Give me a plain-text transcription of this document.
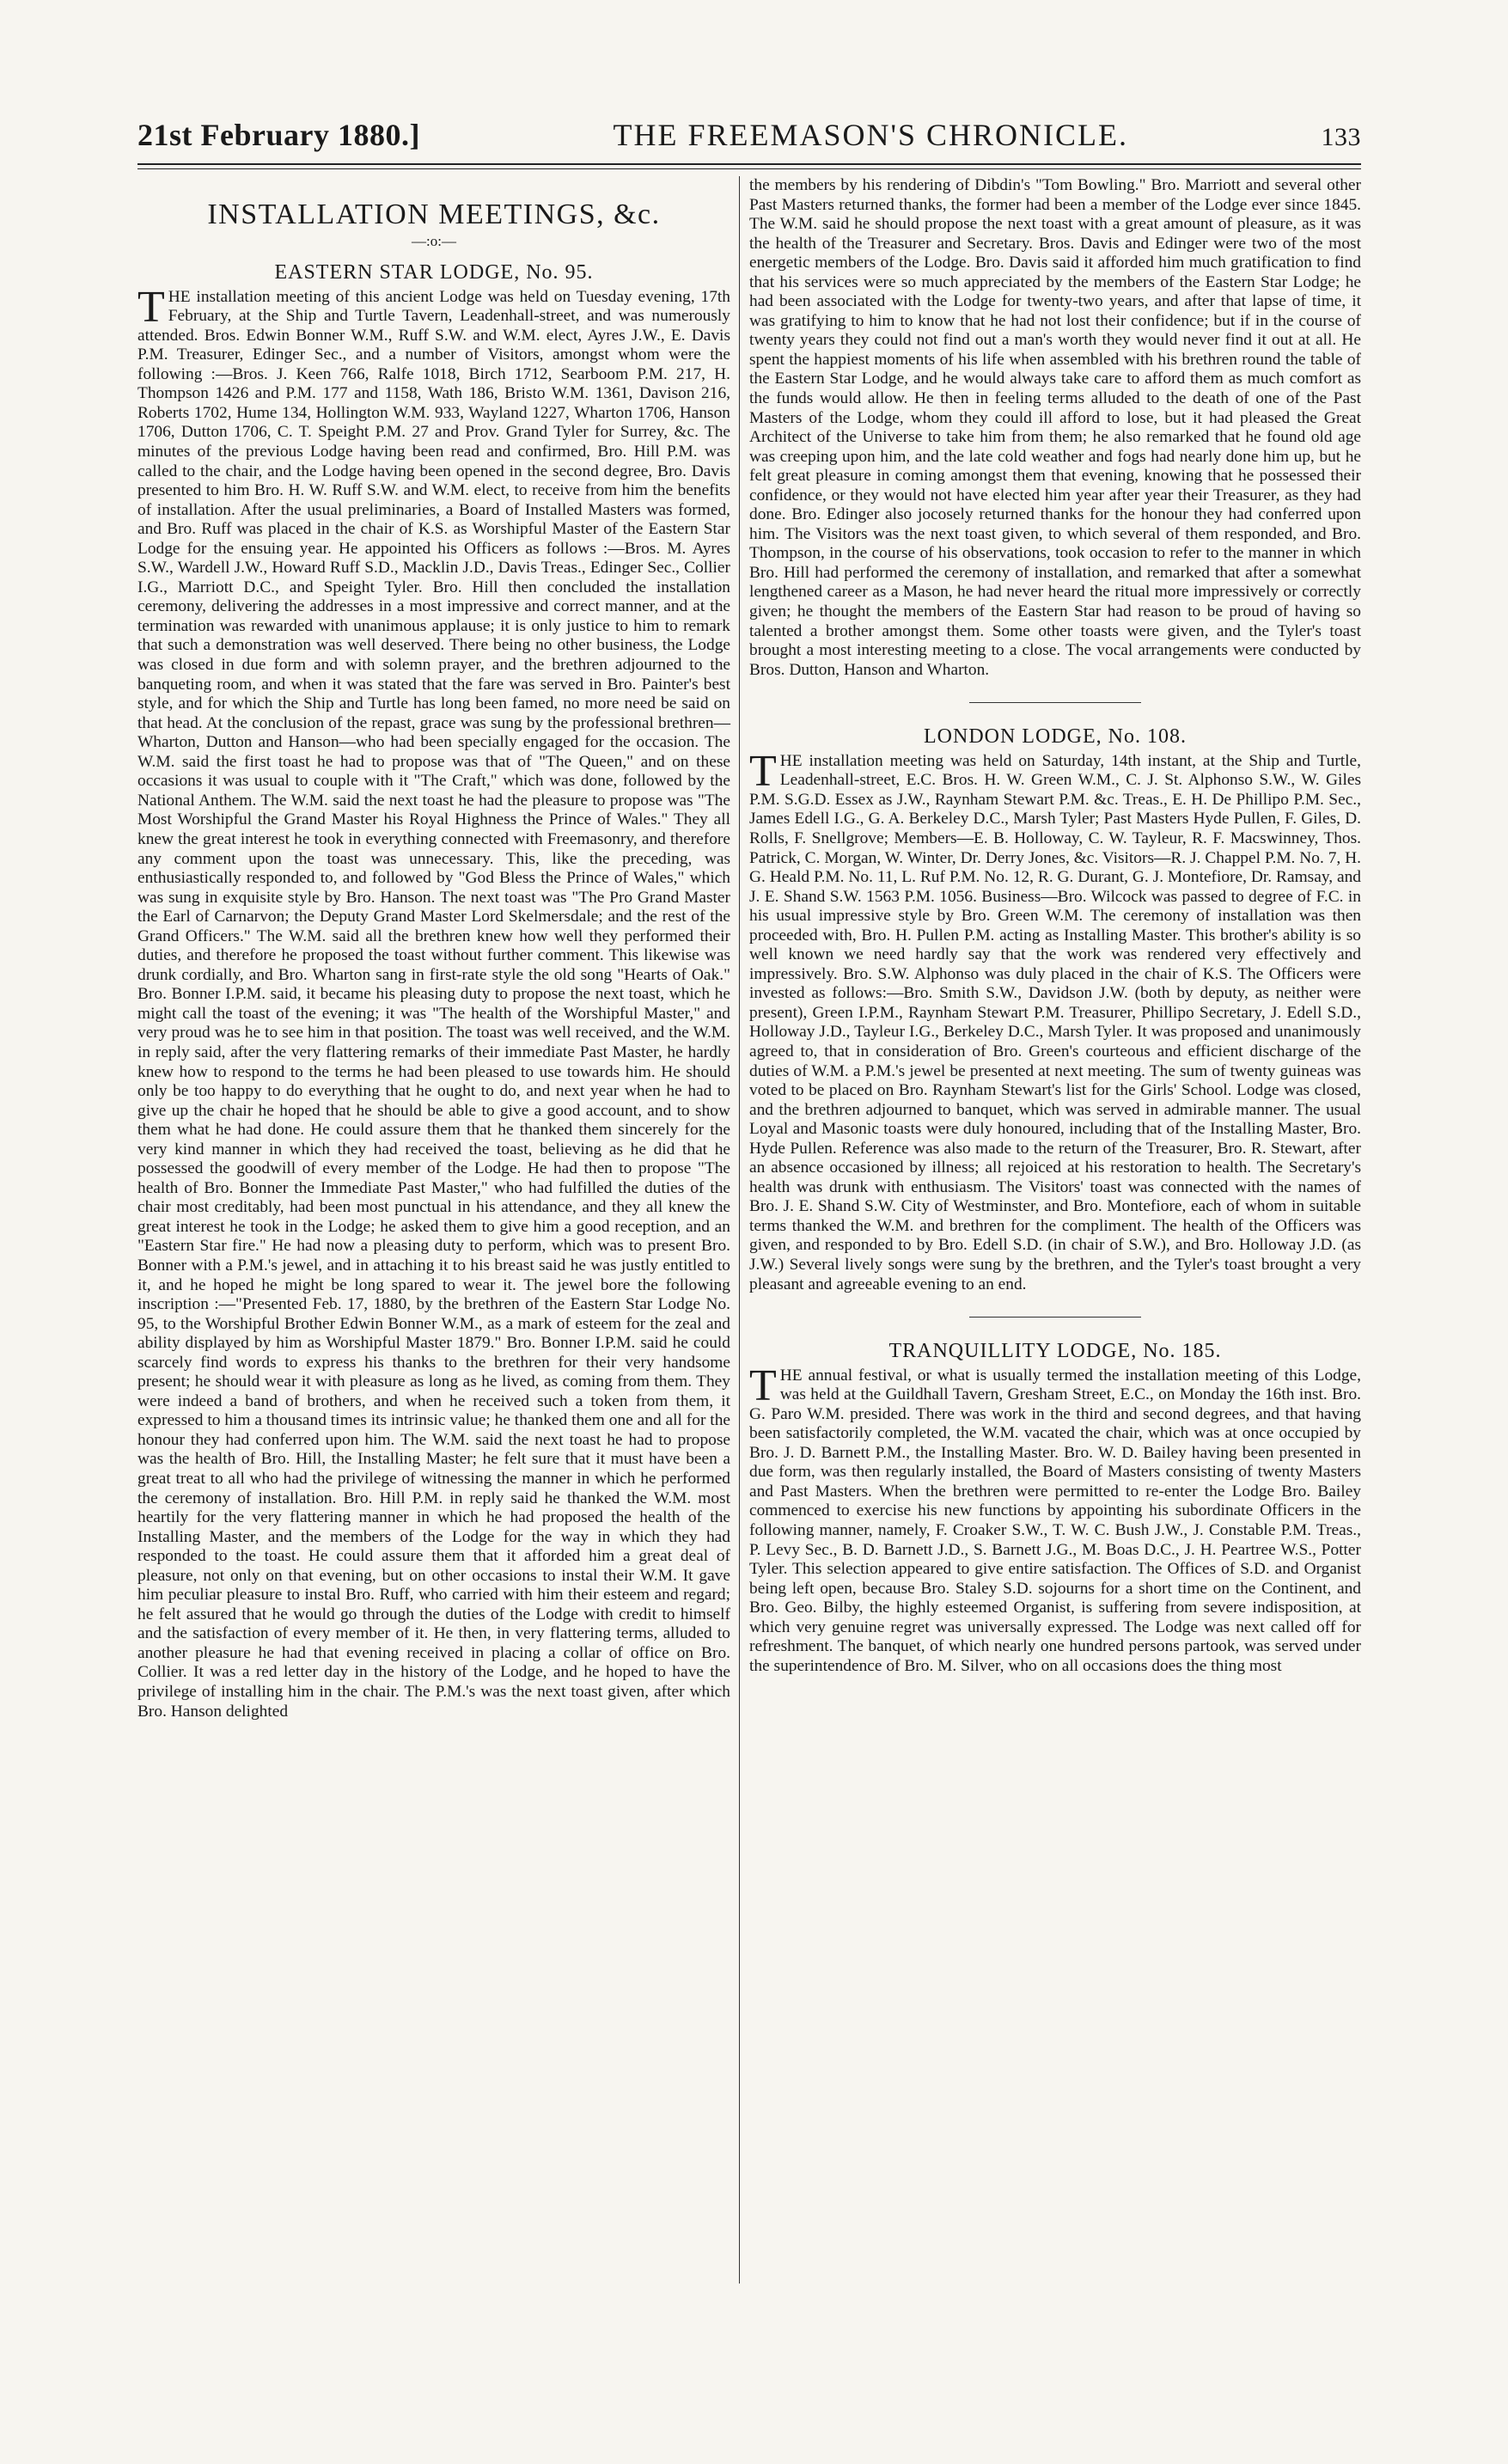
21st February 1880.]	THE FREEMASON'S CHRONICLE.	133
INSTALLATION MEETINGS, &c.
—:o:—
EASTERN STAR LODGE, No. 95.

THE installation meeting of this ancient Lodge was held on Tuesday evening, 17th February, at the Ship and Turtle Tavern, Leadenhall-street, and was numerously attended. Bros. Edwin Bonner W.M., Ruff S.W. and W.M. elect, Ayres J.W., E. Davis P.M. Treasurer, Edinger Sec., and a number of Visitors, amongst whom were the following :—Bros. J. Keen 766, Ralfe 1018, Birch 1712, Searboom P.M. 217, H. Thompson 1426 and P.M. 177 and 1158, Wath 186, Bristo W.M. 1361, Davison 216, Roberts 1702, Hume 134, Hollington W.M. 933, Wayland 1227, Wharton 1706, Hanson 1706, Dutton 1706, C. T. Speight P.M. 27 and Prov. Grand Tyler for Surrey, &c. The minutes of the previous Lodge having been read and confirmed, Bro. Hill P.M. was called to the chair, and the Lodge having been opened in the second degree, Bro. Davis presented to him Bro. H. W. Ruff S.W. and W.M. elect, to receive from him the benefits of installation. After the usual preliminaries, a Board of Installed Masters was formed, and Bro. Ruff was placed in the chair of K.S. as Worshipful Master of the Eastern Star Lodge for the ensuing year. He appointed his Officers as follows :—Bros. M. Ayres S.W., Wardell J.W., Howard Ruff S.D., Macklin J.D., Davis Treas., Edinger Sec., Collier I.G., Marriott D.C., and Speight Tyler. Bro. Hill then concluded the installation ceremony, delivering the addresses in a most impressive and correct manner, and at the termination was rewarded with unanimous applause; it is only justice to him to remark that such a demonstration was well deserved. There being no other business, the Lodge was closed in due form and with solemn prayer, and the brethren adjourned to the banqueting room, and when it was stated that the fare was served in Bro. Painter's best style, and for which the Ship and Turtle has long been famed, no more need be said on that head. At the conclusion of the repast, grace was sung by the professional brethren—Wharton, Dutton and Hanson—who had been specially engaged for the occasion. The W.M. said the first toast he had to propose was that of "The Queen," and on these occasions it was usual to couple with it "The Craft," which was done, followed by the National Anthem. The W.M. said the next toast he had the pleasure to propose was "The Most Worshipful the Grand Master his Royal Highness the Prince of Wales." They all knew the great interest he took in everything connected with Freemasonry, and therefore any comment upon the toast was unnecessary. This, like the preceding, was enthusiastically responded to, and followed by "God Bless the Prince of Wales," which was sung in exquisite style by Bro. Hanson. The next toast was "The Pro Grand Master the Earl of Carnarvon; the Deputy Grand Master Lord Skelmersdale; and the rest of the Grand Officers." The W.M. said all the brethren knew how well they performed their duties, and therefore he proposed the toast without further comment. This likewise was drunk cordially, and Bro. Wharton sang in first-rate style the old song "Hearts of Oak." Bro. Bonner I.P.M. said, it became his pleasing duty to propose the next toast, which he might call the toast of the evening; it was "The health of the Worshipful Master," and very proud was he to see him in that position. The toast was well received, and the W.M. in reply said, after the very flattering remarks of their immediate Past Master, he hardly knew how to respond to the terms he had been pleased to use towards him. He should only be too happy to do everything that he ought to do, and next year when he had to give up the chair he hoped that he should be able to give a good account, and to show them what he had done. He could assure them that he thanked them sincerely for the very kind manner in which they had received the toast, believing as he did that he possessed the goodwill of every member of the Lodge. He had then to propose "The health of Bro. Bonner the Immediate Past Master," who had fulfilled the duties of the chair most creditably, had been most punctual in his attendance, and they all knew the great interest he took in the Lodge; he asked them to give him a good reception, and an "Eastern Star fire." He had now a pleasing duty to perform, which was to present Bro. Bonner with a P.M.'s jewel, and in attaching it to his breast said he was justly entitled to it, and he hoped he might be long spared to wear it. The jewel bore the following inscription :—"Presented Feb. 17, 1880, by the brethren of the Eastern Star Lodge No. 95, to the Worshipful Brother Edwin Bonner W.M., as a mark of esteem for the zeal and ability displayed by him as Worshipful Master 1879." Bro. Bonner I.P.M. said he could scarcely find words to express his thanks to the brethren for their very handsome present; he should wear it with pleasure as long as he lived, as coming from them. They were indeed a band of brothers, and when he received such a token from them, it expressed to him a thousand times its intrinsic value; he thanked them one and all for the honour they had conferred upon him. The W.M. said the next toast he had to propose was the health of Bro. Hill, the Installing Master; he felt sure that it must have been a great treat to all who had the privilege of witnessing the manner in which he performed the ceremony of installation. Bro. Hill P.M. in reply said he thanked the W.M. most heartily for the very flattering manner in which he had proposed the health of the Installing Master, and the members of the Lodge for the way in which they had responded to the toast. He could assure them that it afforded him a great deal of pleasure, not only on that evening, but on other occasions to instal their W.M. It gave him peculiar pleasure to instal Bro. Ruff, who carried with him their esteem and regard; he felt assured that he would go through the duties of the Lodge with credit to himself and the satisfaction of every member of it. He then, in very flattering terms, alluded to another pleasure he had that evening received in placing a collar of office on Bro. Collier. It was a red letter day in the history of the Lodge, and he hoped to have the privilege of installing him in the chair. The P.M.'s was the next toast given, after which Bro. Hanson delighted

the members by his rendering of Dibdin's "Tom Bowling." Bro. Marriott and several other Past Masters returned thanks, the former had been a member of the Lodge ever since 1845. The W.M. said he should propose the next toast with a great amount of pleasure, as it was the health of the Treasurer and Secretary. Bros. Davis and Edinger were two of the most energetic members of the Lodge. Bro. Davis said it afforded him much gratification to find that his services were so much appreciated by the members of the Eastern Star Lodge; he had been associated with the Lodge for twenty-two years, and after that lapse of time, it was gratifying to him to know that he had not lost their confidence; but if in the course of twenty years they could not find out a man's worth they would never find it out at all. He spent the happiest moments of his life when assembled with his brethren round the table of the Eastern Star Lodge, and he would always take care to afford them as much comfort as the funds would allow. He then in feeling terms alluded to the death of one of the Past Masters of the Lodge, whom they could ill afford to lose, but it had pleased the Great Architect of the Universe to take him from them; he also remarked that he found old age was creeping upon him, and the late cold weather and fogs had nearly done him up, but he felt great pleasure in coming amongst them that evening, knowing that he possessed their confidence, or they would not have elected him year after year their Treasurer, as they had done. Bro. Edinger also jocosely returned thanks for the honour they had conferred upon him. The Visitors was the next toast given, to which several of them responded, and Bro. Thompson, in the course of his observations, took occasion to refer to the manner in which Bro. Hill had performed the ceremony of installation, and remarked that after a somewhat lengthened career as a Mason, he had never heard the ritual more impressively or correctly given; he thought the members of the Eastern Star had reason to be proud of having so talented a brother amongst them. Some other toasts were given, and the Tyler's toast brought a most interesting meeting to a close. The vocal arrangements were conducted by Bros. Dutton, Hanson and Wharton.

LONDON LODGE, No. 108.

THE installation meeting was held on Saturday, 14th instant, at the Ship and Turtle, Leadenhall-street, E.C. Bros. H. W. Green W.M., C. J. St. Alphonso S.W., W. Giles P.M. S.G.D. Essex as J.W., Raynham Stewart P.M. &c. Treas., E. H. De Phillipo P.M. Sec., James Edell I.G., G. A. Berkeley D.C., Marsh Tyler; Past Masters Hyde Pullen, F. Giles, D. Rolls, F. Snellgrove; Members—E. B. Holloway, C. W. Tayleur, R. F. Macswinney, Thos. Patrick, C. Morgan, W. Winter, Dr. Derry Jones, &c. Visitors—R. J. Chappel P.M. No. 7, H. G. Heald P.M. No. 11, L. Ruf P.M. No. 12, R. G. Durant, G. J. Montefiore, Dr. Ramsay, and J. E. Shand S.W. 1563 P.M. 1056. Business—Bro. Wilcock was passed to degree of F.C. in his usual impressive style by Bro. Green W.M. The ceremony of installation was then proceeded with, Bro. H. Pullen P.M. acting as Installing Master. This brother's ability is so well known we need hardly say that the work was rendered very effectively and impressively. Bro. S.W. Alphonso was duly placed in the chair of K.S. The Officers were invested as follows:—Bro. Smith S.W., Davidson J.W. (both by deputy, as neither were present), Green I.P.M., Raynham Stewart P.M. Treasurer, Phillipo Secretary, J. Edell S.D., Holloway J.D., Tayleur I.G., Berkeley D.C., Marsh Tyler. It was proposed and unanimously agreed to, that in consideration of Bro. Green's courteous and efficient discharge of the duties of W.M. a P.M.'s jewel be presented at next meeting. The sum of twenty guineas was voted to be placed on Bro. Raynham Stewart's list for the Girls' School. Lodge was closed, and the brethren adjourned to banquet, which was served in admirable manner. The usual Loyal and Masonic toasts were duly honoured, including that of the Installing Master, Bro. Hyde Pullen. Reference was also made to the return of the Treasurer, Bro. R. Stewart, after an absence occasioned by illness; all rejoiced at his restoration to health. The Secretary's health was drunk with enthusiasm. The Visitors' toast was connected with the names of Bro. J. E. Shand S.W. City of Westminster, and Bro. Montefiore, each of whom in suitable terms thanked the W.M. and brethren for the compliment. The health of the Officers was given, and responded to by Bro. Edell S.D. (in chair of S.W.), and Bro. Holloway J.D. (as J.W.) Several lively songs were sung by the brethren, and the Tyler's toast brought a very pleasant and agreeable evening to an end.

TRANQUILLITY LODGE, No. 185.

THE annual festival, or what is usually termed the installation meeting of this Lodge, was held at the Guildhall Tavern, Gresham Street, E.C., on Monday the 16th inst. Bro. G. Paro W.M. presided. There was work in the third and second degrees, and that having been satisfactorily completed, the W.M. vacated the chair, which was at once occupied by Bro. J. D. Barnett P.M., the Installing Master. Bro. W. D. Bailey having been presented in due form, was then regularly installed, the Board of Masters consisting of twenty Masters and Past Masters. When the brethren were permitted to re-enter the Lodge Bro. Bailey commenced to exercise his new functions by appointing his subordinate Officers in the following manner, namely, F. Croaker S.W., T. W. C. Bush J.W., J. Constable P.M. Treas., P. Levy Sec., B. D. Barnett J.D., S. Barnett J.G., M. Boas D.C., J. H. Peartree W.S., Potter Tyler. This selection appeared to give entire satisfaction. The Offices of S.D. and Organist being left open, because Bro. Staley S.D. sojourns for a short time on the Continent, and Bro. Geo. Bilby, the highly esteemed Organist, is suffering from severe indisposition, at which very genuine regret was universally expressed. The Lodge was next called off for refreshment. The banquet, of which nearly one hundred persons partook, was served under the superintendence of Bro. M. Silver, who on all occasions does the thing most
